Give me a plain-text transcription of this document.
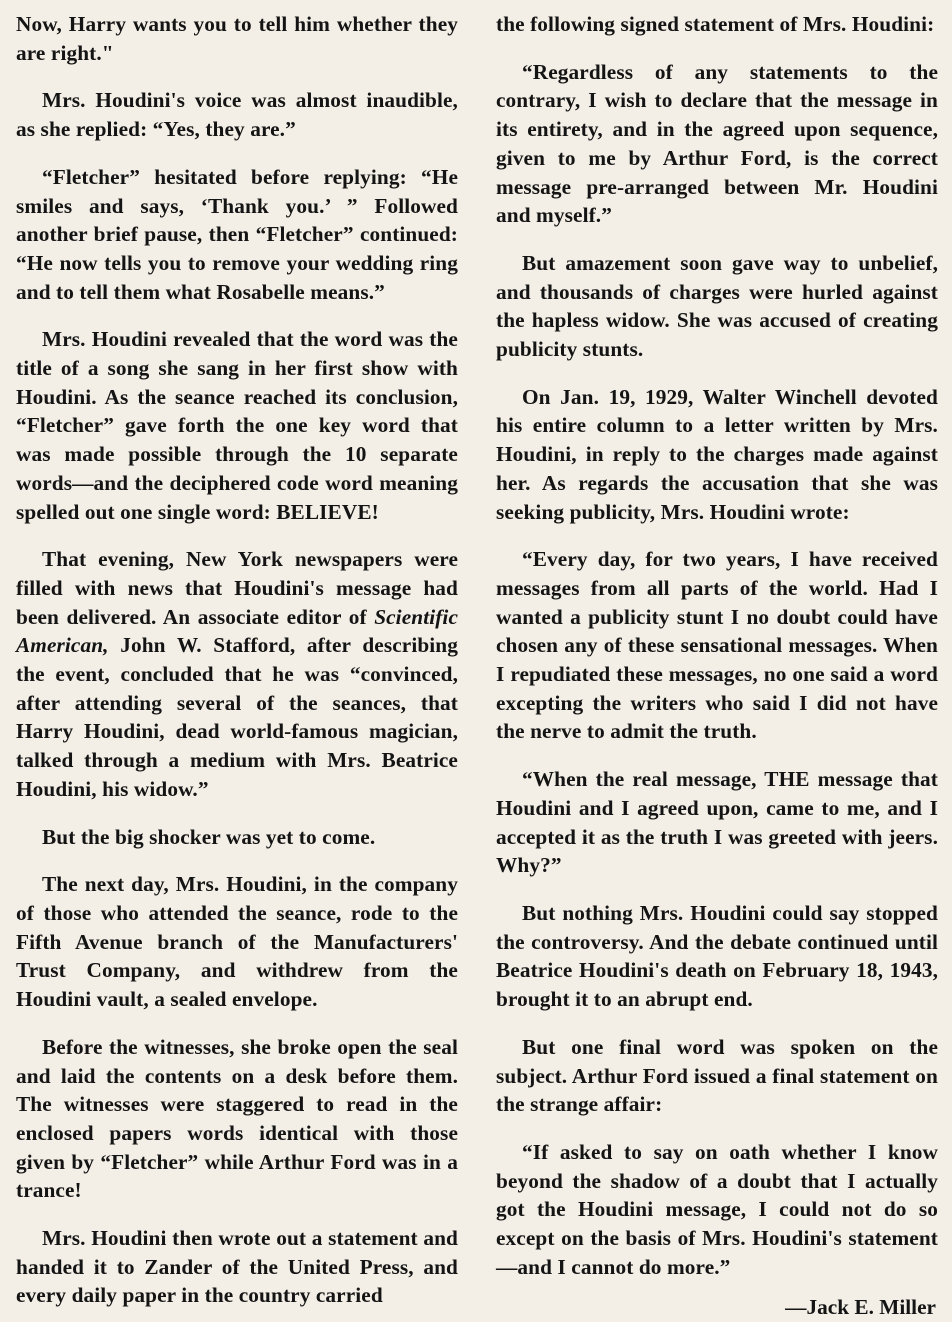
Now, Harry wants you to tell him whether they are right."

Mrs. Houdini's voice was almost inaudible, as she replied: “Yes, they are.”

“Fletcher” hesitated before replying: “He smiles and says, ‘Thank you.’ ” Followed another brief pause, then “Fletcher” continued: “He now tells you to remove your wedding ring and to tell them what Rosabelle means.”

Mrs. Houdini revealed that the word was the title of a song she sang in her first show with Houdini. As the seance reached its conclusion, “Fletcher” gave forth the one key word that was made possible through the 10 separate words—and the deciphered code word meaning spelled out one single word: BELIEVE!

That evening, New York newspapers were filled with news that Houdini's message had been delivered. An associate editor of Scientific American, John W. Stafford, after describing the event, concluded that he was “convinced, after attending several of the seances, that Harry Houdini, dead world-famous magician, talked through a medium with Mrs. Beatrice Houdini, his widow.”

But the big shocker was yet to come.

The next day, Mrs. Houdini, in the company of those who attended the seance, rode to the Fifth Avenue branch of the Manufacturers' Trust Company, and withdrew from the Houdini vault, a sealed envelope.

Before the witnesses, she broke open the seal and laid the contents on a desk before them. The witnesses were staggered to read in the enclosed papers words identical with those given by “Fletcher” while Arthur Ford was in a trance!

Mrs. Houdini then wrote out a statement and handed it to Zander of the United Press, and every daily paper in the country carried

the following signed statement of Mrs. Houdini:

“Regardless of any statements to the contrary, I wish to declare that the message in its entirety, and in the agreed upon sequence, given to me by Arthur Ford, is the correct message pre-arranged between Mr. Houdini and myself.”

But amazement soon gave way to unbelief, and thousands of charges were hurled against the hapless widow. She was accused of creating publicity stunts.

On Jan. 19, 1929, Walter Winchell devoted his entire column to a letter written by Mrs. Houdini, in reply to the charges made against her. As regards the accusation that she was seeking publicity, Mrs. Houdini wrote:

“Every day, for two years, I have received messages from all parts of the world. Had I wanted a publicity stunt I no doubt could have chosen any of these sensational messages. When I repudiated these messages, no one said a word excepting the writers who said I did not have the nerve to admit the truth.

“When the real message, THE message that Houdini and I agreed upon, came to me, and I accepted it as the truth I was greeted with jeers. Why?”

But nothing Mrs. Houdini could say stopped the controversy. And the debate continued until Beatrice Houdini's death on February 18, 1943, brought it to an abrupt end.

But one final word was spoken on the subject. Arthur Ford issued a final statement on the strange affair:

“If asked to say on oath whether I know beyond the shadow of a doubt that I actually got the Houdini message, I could not do so except on the basis of Mrs. Houdini's statement—and I cannot do more.”

—Jack E. Miller
